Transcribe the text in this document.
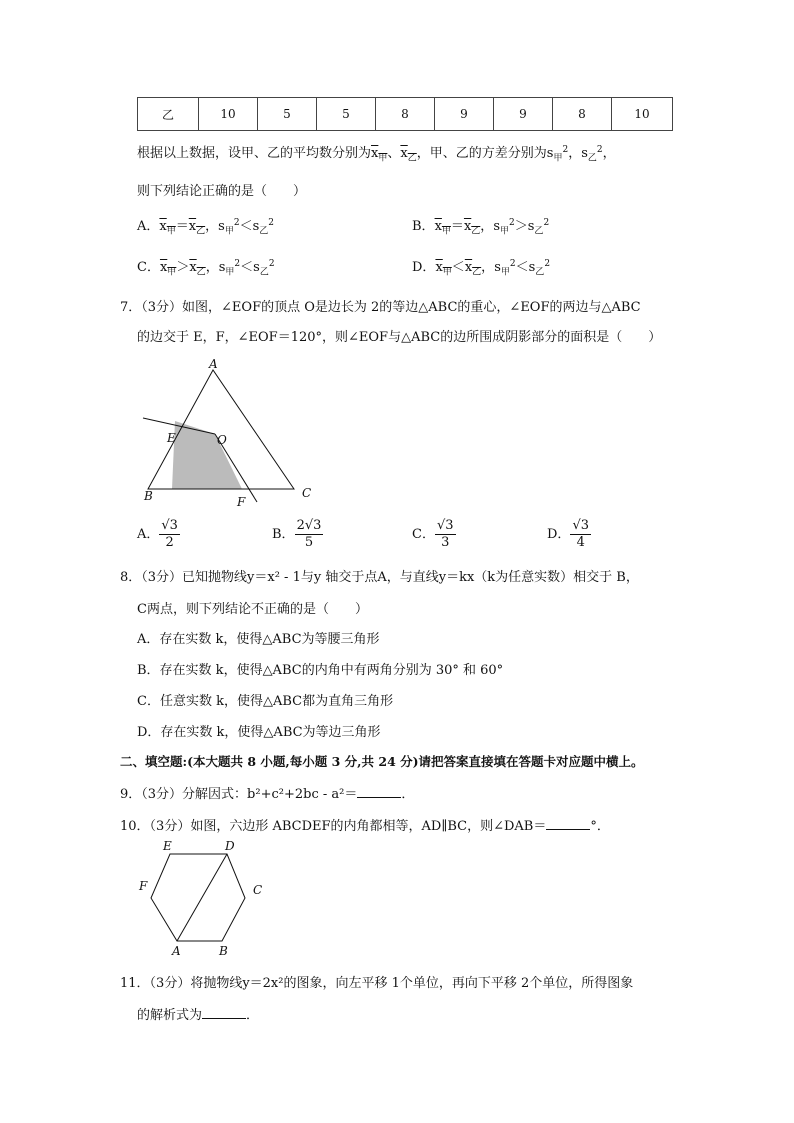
乙	10	5	5	8	9	9	8	10
根据以上数据，设甲、乙的平均数分别为$x_甲$、$x_乙$，甲、乙的方差分别为$s_甲^2$，$s_乙^2$，
则下列结论正确的是（　　）
A．$x_甲=x_乙$，$s_甲^2<s_乙^2$	B．$x_甲=x_乙$，$s_甲^2>s_乙^2$
C．$x_甲>x_乙$，$s_甲^2<s_乙^2$	D．$x_甲<x_乙$，$s_甲^2<s_乙^2$
7．（3分）如图，∠EOF的顶点 O是边长为 2的等边△ABC的重心，∠EOF的两边与△ABC
的边交于 E，F，∠EOF＝120°，则∠EOF与△ABC的边所围成阴影部分的面积是（　　）
A
B	C
E	O
F
A． $\frac{√3}{2}$	B． $\frac{2√3}{5}$	C． $\frac{√3}{3}$	D． $\frac{√3}{4}$
8．（3分）已知抛物线y＝x² - 1与y 轴交于点A，与直线y＝kx（k为任意实数）相交于 B，
C两点，则下列结论不正确的是（　　）
A．存在实数 k，使得△ABC为等腰三角形
B．存在实数 k，使得△ABC的内角中有两角分别为 30° 和 60°
C．任意实数 k，使得△ABC都为直角三角形
D．存在实数 k，使得△ABC为等边三角形
二、填空题:(本大题共 8 小题,每小题 3 分,共 24 分)请把答案直接填在答题卡对应题中横上。
9．（3分）分解因式：b²+c²+2bc - a²＝	．
10．（3分）如图，六边形 ABCDEF的内角都相等，AD∥BC，则∠DAB＝	°．
A	B
C
D
E
F
11．（3分）将抛物线y＝2x²的图象，向左平移 1个单位，再向下平移 2个单位，所得图象
的解析式为	．
